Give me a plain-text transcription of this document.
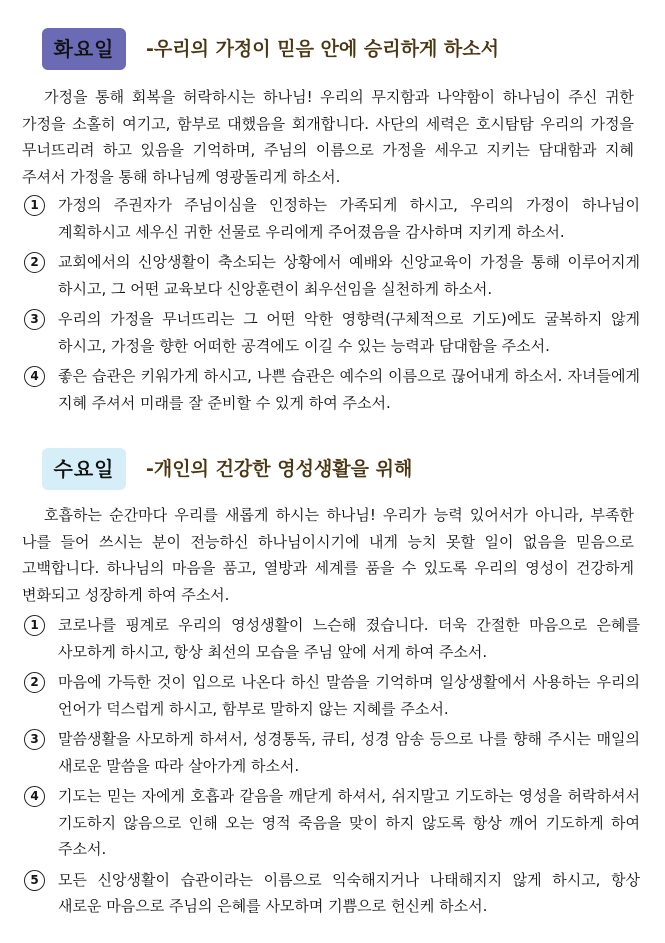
화요일	-우리의 가정이 믿음 안에 승리하게 하소서

가정을 통해 회복을 허락하시는 하나님! 우리의 무지함과 나약함이 하나님이 주신 귀한 가정을 소홀히 여기고, 함부로 대했음을 회개합니다. 사단의 세력은 호시탐탐 우리의 가정을 무너뜨리려 하고 있음을 기억하며, 주님의 이름으로 가정을 세우고 지키는 담대함과 지혜 주셔서 가정을 통해 하나님께 영광돌리게 하소서.

1	가정의 주권자가 주님이심을 인정하는 가족되게 하시고, 우리의 가정이 하나님이 계획하시고 세우신 귀한 선물로 우리에게 주어졌음을 감사하며 지키게 하소서.
2	교회에서의 신앙생활이 축소되는 상황에서 예배와 신앙교육이 가정을 통해 이루어지게 하시고, 그 어떤 교육보다 신앙훈련이 최우선임을 실천하게 하소서.
3	우리의 가정을 무너뜨리는 그 어떤 악한 영향력(구체적으로 기도)에도 굴복하지 않게 하시고, 가정을 향한 어떠한 공격에도 이길 수 있는 능력과 담대함을 주소서.
4	좋은 습관은 키워가게 하시고, 나쁜 습관은 예수의 이름으로 끊어내게 하소서. 자녀들에게 지혜 주셔서 미래를 잘 준비할 수 있게 하여 주소서.
수요일	-개인의 건강한 영성생활을 위해

호흡하는 순간마다 우리를 새롭게 하시는 하나님! 우리가 능력 있어서가 아니라, 부족한 나를 들어 쓰시는 분이 전능하신 하나님이시기에 내게 능치 못할 일이 없음을 믿음으로 고백합니다. 하나님의 마음을 품고, 열방과 세계를 품을 수 있도록 우리의 영성이 건강하게 변화되고 성장하게 하여 주소서.

1	코로나를 핑계로 우리의 영성생활이 느슨해 졌습니다. 더욱 간절한 마음으로 은혜를 사모하게 하시고, 항상 최선의 모습을 주님 앞에 서게 하여 주소서.
2	마음에 가득한 것이 입으로 나온다 하신 말씀을 기억하며 일상생활에서 사용하는 우리의 언어가 덕스럽게 하시고, 함부로 말하지 않는 지혜를 주소서.
3	말씀생활을 사모하게 하셔서, 성경통독, 큐티, 성경 암송 등으로 나를 향해 주시는 매일의 새로운 말씀을 따라 살아가게 하소서.
4	기도는 믿는 자에게 호흡과 같음을 깨닫게 하셔서, 쉬지말고 기도하는 영성을 허락하셔서 기도하지 않음으로 인해 오는 영적 죽음을 맞이 하지 않도록 항상 깨어 기도하게 하여 주소서.
5	모든 신앙생활이 습관이라는 이름으로 익숙해지거나 나태해지지 않게 하시고, 항상 새로운 마음으로 주님의 은혜를 사모하며 기쁨으로 헌신케 하소서.
